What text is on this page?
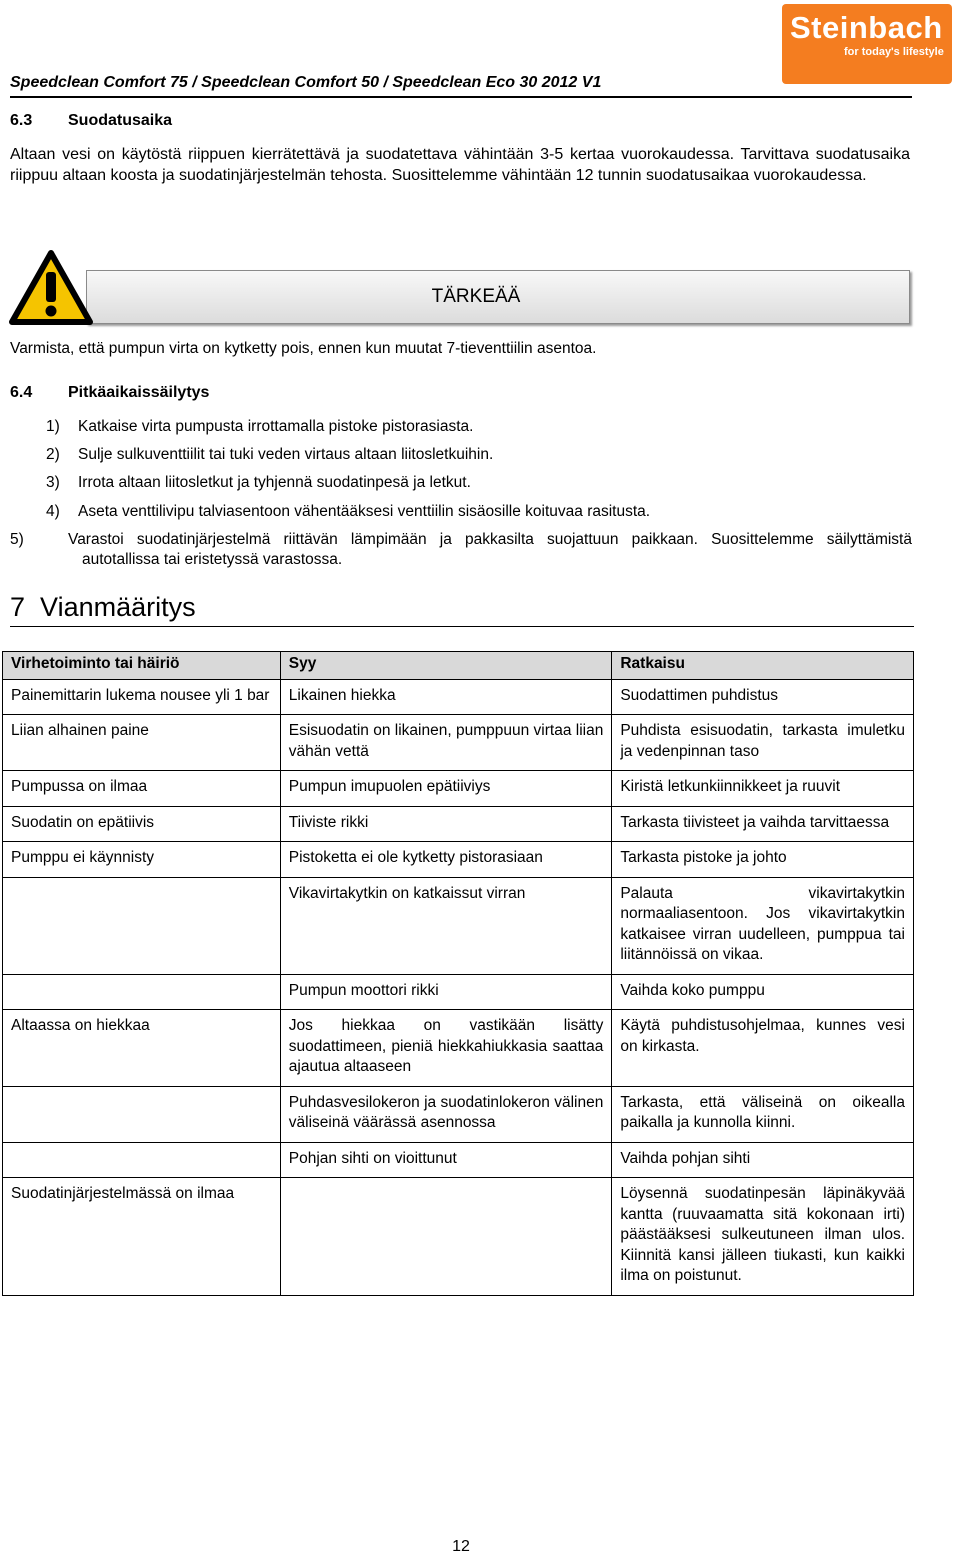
Steinbach
for today's lifestyle
Speedclean Comfort 75 / Speedclean Comfort 50 / Speedclean Eco 30 2012 V1
6.3 Suodatusaika
Altaan vesi on käytöstä riippuen kierrätettävä ja suodatettava vähintään 3-5 kertaa vuorokaudessa. Tarvittava suodatusaika riippuu altaan koosta ja suodatinjärjestelmän tehosta. Suosittelemme vähintään 12 tunnin suodatusaikaa vuorokaudessa.
TÄRKEÄÄ
Varmista, että pumpun virta on kytketty pois, ennen kun muutat 7-tieventtiilin asentoa.
6.4 Pitkäaikaissäilytys
1) Katkaise virta pumpusta irrottamalla pistoke pistorasiasta.
2) Sulje sulkuventtiilit tai tuki veden virtaus altaan liitosletkuihin.
3) Irrota altaan liitosletkut ja tyhjennä suodatinpesä ja letkut.
4) Aseta venttilivipu talviasentoon vähentääksesi venttiilin sisäosille koituvaa rasitusta.
5)	Varastoi suodatinjärjestelmä riittävän lämpimään ja pakkasilta suojattuun paikkaan. Suosittelemme säilyttämistä autotallissa tai eristetyssä varastossa.
7 Vianmääritys
Virhetoiminto tai häiriö	Syy	Ratkaisu
Painemittarin lukema nousee yli 1 bar	Likainen hiekka	Suodattimen puhdistus
Liian alhainen paine	Esisuodatin on likainen, pumppuun virtaa liian vähän vettä	Puhdista esisuodatin, tarkasta imuletku ja vedenpinnan taso
Pumpussa on ilmaa	Pumpun imupuolen epätiiviys	Kiristä letkunkiinnikkeet ja ruuvit
Suodatin on epätiivis	Tiiviste rikki	Tarkasta tiivisteet ja vaihda tarvittaessa
Pumppu ei käynnisty	Pistoketta ei ole kytketty pistorasiaan	Tarkasta pistoke ja johto
	Vikavirtakytkin on katkaissut virran	Palauta vikavirtakytkin normaaliasentoon. Jos vikavirtakytkin katkaisee virran uudelleen, pumppua tai liitännöissä on vikaa.
	Pumpun moottori rikki	Vaihda koko pumppu
Altaassa on hiekkaa	Jos hiekkaa on vastikään lisätty suodattimeen, pieniä hiekkahiukkasia saattaa ajautua altaaseen	Käytä puhdistusohjelmaa, kunnes vesi on kirkasta.
	Puhdasvesilokeron ja suodatinlokeron välinen väliseinä väärässä asennossa	Tarkasta, että väliseinä on oikealla paikalla ja kunnolla kiinni.
	Pohjan sihti on vioittunut	Vaihda pohjan sihti
Suodatinjärjestelmässä on ilmaa		Löysennä suodatinpesän läpinäkyvää kantta (ruuvaamatta sitä kokonaan irti) päästääksesi sulkeutuneen ilman ulos. Kiinnitä kansi jälleen tiukasti, kun kaikki ilma on poistunut.
12
